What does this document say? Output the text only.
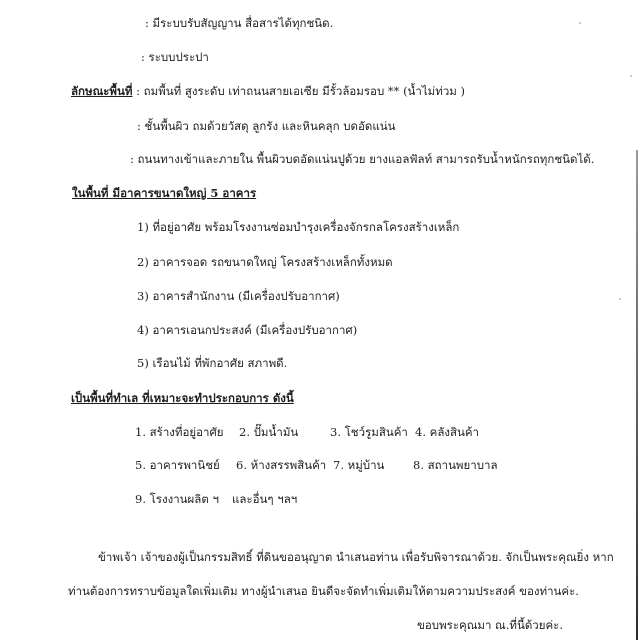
: มีระบบรับสัญญาน สื่อสารได้ทุกชนิด.
: ระบบประปา
ลักษณะพื้นที่ : ถมพื้นที่ สูงระดับ เท่าถนนสายเอเซีย มีรั้วล้อมรอบ ** (น้ำไม่ท่วม )
: ชั้นพื้นผิว ถมด้วยวัสดุ ลูกรัง และหินคลุก บดอัดแน่น
: ถนนทางเข้าและภายใน พื้นผิวบดอัดแน่นปูด้วย ยางแอลฟัลท์ สามารถรับน้ำหนักรถทุกชนิดได้.
ในพื้นที่ มีอาคารขนาดใหญ่ 5 อาคาร
1) ที่อยู่อาศัย พร้อมโรงงานซ่อมบำรุงเครื่องจักรกลโครงสร้างเหล็ก
2) อาคารจอด รถขนาดใหญ่ โครงสร้างเหล็กทั้งหมด
3) อาคารสำนักงาน (มีเครื่องปรับอากาศ)
4) อาคารเอนกประสงค์ (มีเครื่องปรับอากาศ)
5) เรือนไม้ ที่พักอาศัย สภาพดี.
เป็นพื้นที่ทำเล ที่เหมาะจะทำประกอบการ ดังนี้
1. สร้างที่อยู่อาศัย 2. ปั๊มน้ำมัน	3. โชว์รูมสินค้า 4. คลังสินค้า
5. อาคารพานิชย์ 6. ห้างสรรพสินค้า 7. หมู่บ้าน 8. สถานพยาบาล
9. โรงงานผลิต ฯ และอื่นๆ ฯลฯ
ข้าพเจ้า เจ้าของผู้เป็นกรรมสิทธิ์ ที่ดินขออนุญาต นำเสนอท่าน เพื่อรับพิจารณาด้วย. จักเป็นพระคุณยิ่ง หาก
ท่านต้องการทราบข้อมูลใดเพิ่มเติม ทางผู้นำเสนอ ยินดีจะจัดทำเพิ่มเติมให้ตามความประสงค์ ของท่านค่ะ.
ขอบพระคุณมา ณ.ที่นี้ด้วยค่ะ.
